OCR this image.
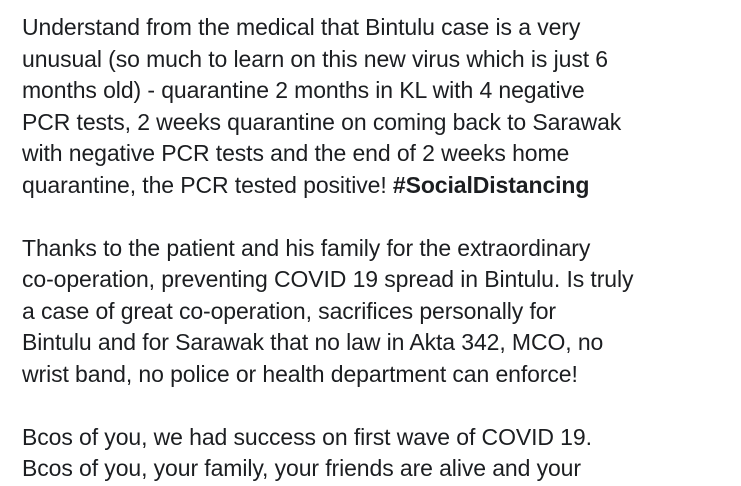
Understand from the medical that Bintulu case is a very
unusual (so much to learn on this new virus which is just 6
months old) - quarantine 2 months in KL with 4 negative
PCR tests, 2 weeks quarantine on coming back to Sarawak
with negative PCR tests and the end of 2 weeks home
quarantine, the PCR tested positive! #SocialDistancing

Thanks to the patient and his family for the extraordinary
co-operation, preventing COVID 19 spread in Bintulu. Is truly
a case of great co-operation, sacrifices personally for
Bintulu and for Sarawak that no law in Akta 342, MCO, no
wrist band, no police or health department can enforce!

Bcos of you, we had success on first wave of COVID 19.
Bcos of you, your family, your friends are alive and your
